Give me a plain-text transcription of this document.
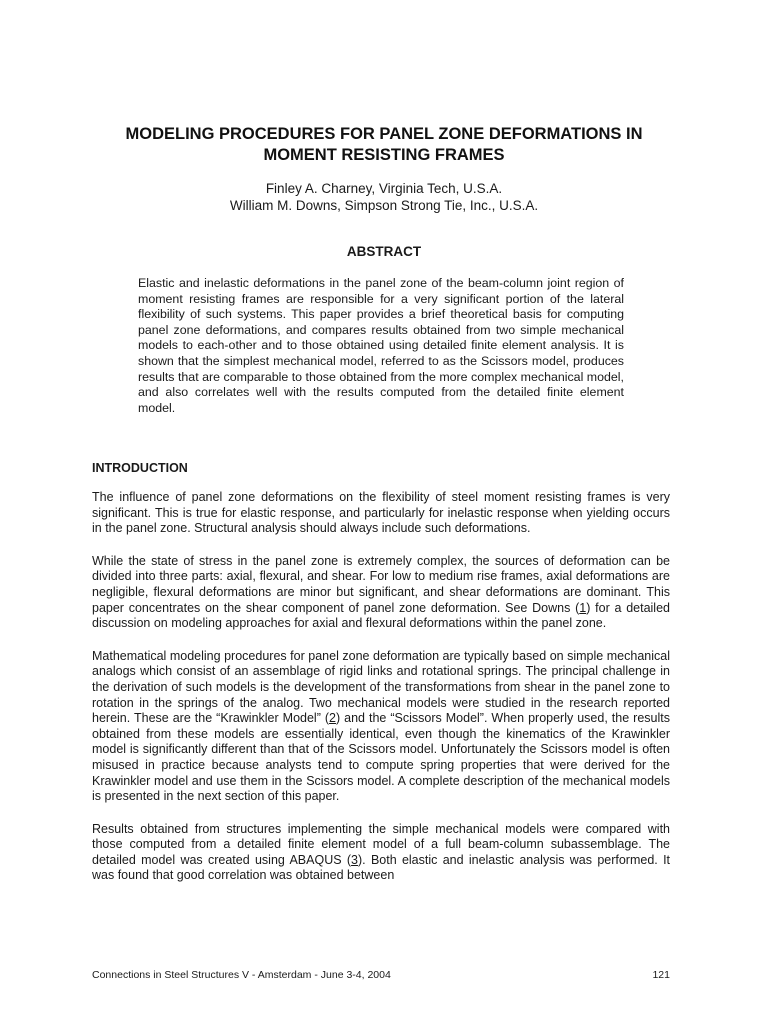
MODELING PROCEDURES FOR PANEL ZONE DEFORMATIONS IN
MOMENT RESISTING FRAMES
Finley A. Charney, Virginia Tech, U.S.A.
William M. Downs, Simpson Strong Tie, Inc., U.S.A.
ABSTRACT
Elastic and inelastic deformations in the panel zone of the beam-column joint region of moment resisting frames are responsible for a very significant portion of the lateral flexibility of such systems. This paper provides a brief theoretical basis for computing panel zone deformations, and compares results obtained from two simple mechanical models to each-other and to those obtained using detailed finite element analysis. It is shown that the simplest mechanical model, referred to as the Scissors model, produces results that are comparable to those obtained from the more complex mechanical model, and also correlates well with the results computed from the detailed finite element model.
INTRODUCTION

The influence of panel zone deformations on the flexibility of steel moment resisting frames is very significant. This is true for elastic response, and particularly for inelastic response when yielding occurs in the panel zone. Structural analysis should always include such deformations.

While the state of stress in the panel zone is extremely complex, the sources of deformation can be divided into three parts: axial, flexural, and shear. For low to medium rise frames, axial deformations are negligible, flexural deformations are minor but significant, and shear deformations are dominant. This paper concentrates on the shear component of panel zone deformation. See Downs (1) for a detailed discussion on modeling approaches for axial and flexural deformations within the panel zone.

Mathematical modeling procedures for panel zone deformation are typically based on simple mechanical analogs which consist of an assemblage of rigid links and rotational springs. The principal challenge in the derivation of such models is the development of the transformations from shear in the panel zone to rotation in the springs of the analog. Two mechanical models were studied in the research reported herein. These are the “Krawinkler Model” (2) and the “Scissors Model”. When properly used, the results obtained from these models are essentially identical, even though the kinematics of the Krawinkler model is significantly different than that of the Scissors model. Unfortunately the Scissors model is often misused in practice because analysts tend to compute spring properties that were derived for the Krawinkler model and use them in the Scissors model. A complete description of the mechanical models is presented in the next section of this paper.

Results obtained from structures implementing the simple mechanical models were compared with those computed from a detailed finite element model of a full beam-column subassemblage. The detailed model was created using ABAQUS (3). Both elastic and inelastic analysis was performed. It was found that good correlation was obtained between

Connections in Steel Structures V - Amsterdam - June 3-4, 2004	121
